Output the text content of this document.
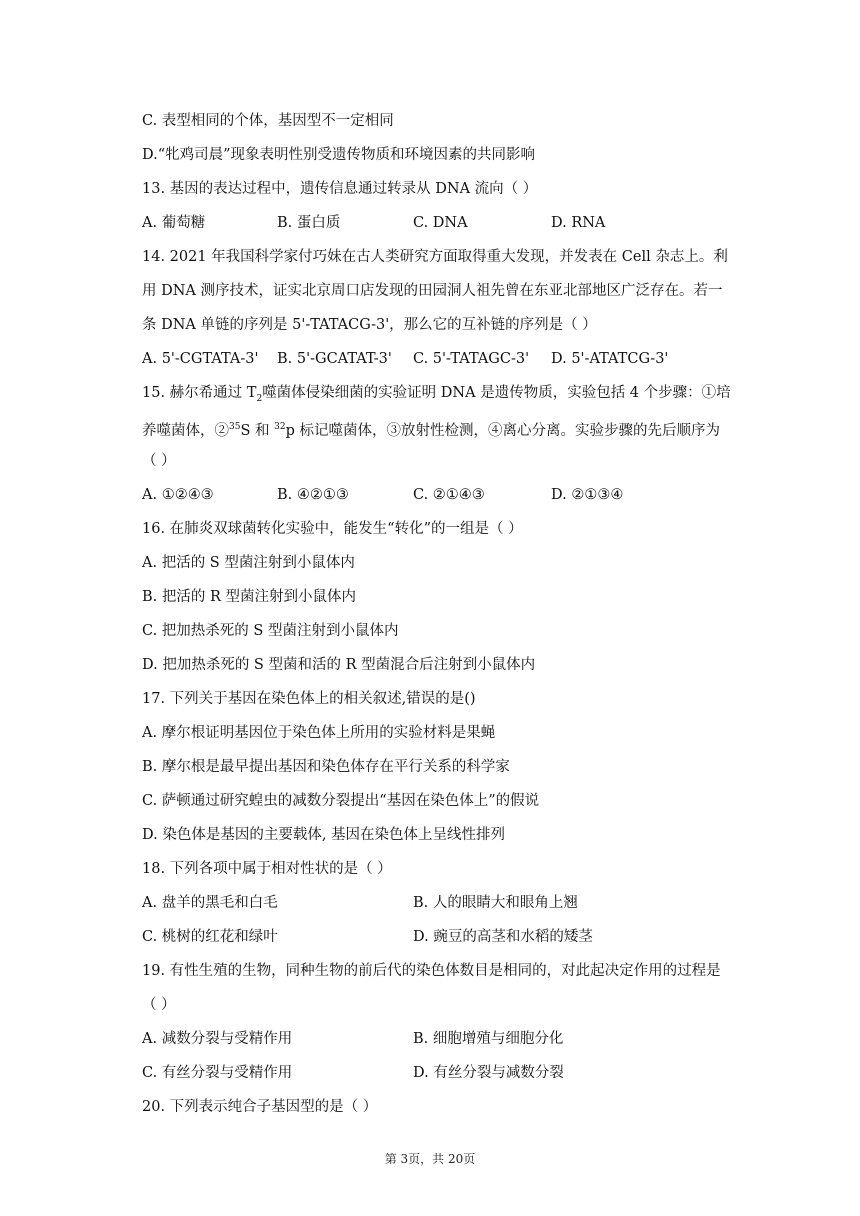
C. 表型相同的个体，基因型不一定相同
D.“牝鸡司晨”现象表明性别受遗传物质和环境因素的共同影响
13. 基因的表达过程中，遗传信息通过转录从 DNA 流向（ ）
A. 葡萄糖	B. 蛋白质	C. DNA	D. RNA
14. 2021 年我国科学家付巧妹在古人类研究方面取得重大发现，并发表在 Cell 杂志上。利
用 DNA 测序技术，证实北京周口店发现的田园洞人祖先曾在东亚北部地区广泛存在。若一
条 DNA 单链的序列是 5'-TATACG-3'，那么它的互补链的序列是（ ）
A. 5'-CGTATA-3' B. 5'-GCATAT-3' C. 5'-TATAGC-3' D. 5'-ATATCG-3'
15. 赫尔希通过 $T_2$噬菌体侵染细菌的实验证明 DNA 是遗传物质，实验包括 4 个步骤：①培
养噬菌体，②$^{35}$S 和 $^{32}$p 标记噬菌体，③放射性检测，④离心分离。实验步骤的先后顺序为
（ ）
A. ①②④③	B. ④②①③	C. ②①④③	D. ②①③④
16. 在肺炎双球菌转化实验中，能发生“转化”的一组是（ ）
A. 把活的 S 型菌注射到小鼠体内
B. 把活的 R 型菌注射到小鼠体内
C. 把加热杀死的 S 型菌注射到小鼠体内
D. 把加热杀死的 S 型菌和活的 R 型菌混合后注射到小鼠体内
17. 下列关于基因在染色体上的相关叙述,错误的是()
A. 摩尔根证明基因位于染色体上所用的实验材料是果蝇
B. 摩尔根是最早提出基因和染色体存在平行关系的科学家
C. 萨顿通过研究蝗虫的减数分裂提出“基因在染色体上”的假说
D. 染色体是基因的主要载体, 基因在染色体上呈线性排列
18. 下列各项中属于相对性状的是（ ）
A. 盘羊的黑毛和白毛	B. 人的眼睛大和眼角上翘
C. 桃树的红花和绿叶	D. 豌豆的高茎和水稻的矮茎
19. 有性生殖的生物，同种生物的前后代的染色体数目是相同的，对此起决定作用的过程是
（ ）
A. 减数分裂与受精作用	B. 细胞增殖与细胞分化
C. 有丝分裂与受精作用	D. 有丝分裂与减数分裂
20. 下列表示纯合子基因型的是（ ）
第 3页，共 20页
